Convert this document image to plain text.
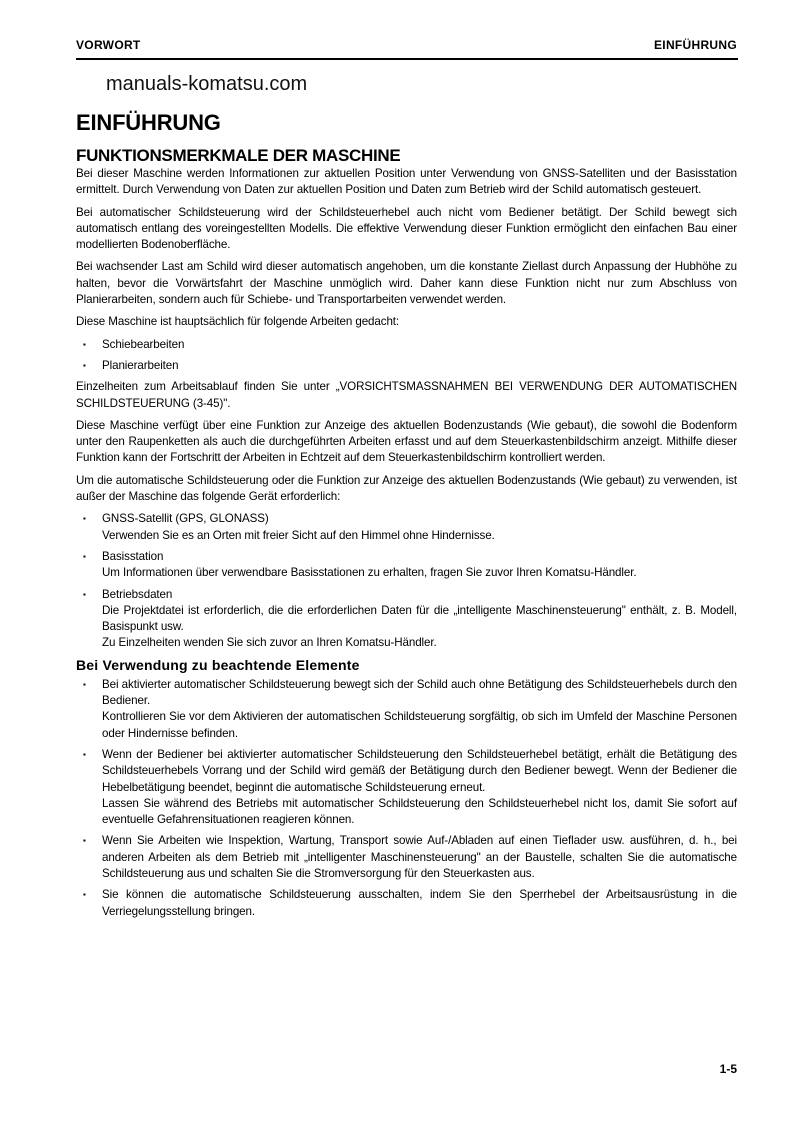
VORWORT	EINFÜHRUNG
manuals-komatsu.com
EINFÜHRUNG
FUNKTIONSMERKMALE DER MASCHINE

Bei dieser Maschine werden Informationen zur aktuellen Position unter Verwendung von GNSS-Satelliten und der Basisstation ermittelt. Durch Verwendung von Daten zur aktuellen Position und Daten zum Betrieb wird der Schild automatisch gesteuert.

Bei automatischer Schildsteuerung wird der Schildsteuerhebel auch nicht vom Bediener betätigt. Der Schild bewegt sich automatisch entlang des voreingestellten Modells. Die effektive Verwendung dieser Funktion ermöglicht den einfachen Bau einer modellierten Bodenoberfläche.

Bei wachsender Last am Schild wird dieser automatisch angehoben, um die konstante Ziellast durch Anpassung der Hubhöhe zu halten, bevor die Vorwärtsfahrt der Maschine unmöglich wird. Daher kann diese Funktion nicht nur zum Abschluss von Planierarbeiten, sondern auch für Schiebe- und Transportarbeiten verwendet werden.

Diese Maschine ist hauptsächlich für folgende Arbeiten gedacht:

▪ Schiebearbeiten
▪ Planierarbeiten

Einzelheiten zum Arbeitsablauf finden Sie unter „VORSICHTSMASSNAHMEN BEI VERWENDUNG DER AUTOMATISCHEN SCHILDSTEUERUNG (3-45)".

Diese Maschine verfügt über eine Funktion zur Anzeige des aktuellen Bodenzustands (Wie gebaut), die sowohl die Bodenform unter den Raupenketten als auch die durchgeführten Arbeiten erfasst und auf dem Steuerkastenbildschirm anzeigt. Mithilfe dieser Funktion kann der Fortschritt der Arbeiten in Echtzeit auf dem Steuerkastenbildschirm kontrolliert werden.

Um die automatische Schildsteuerung oder die Funktion zur Anzeige des aktuellen Bodenzustands (Wie gebaut) zu verwenden, ist außer der Maschine das folgende Gerät erforderlich:

▪ GNSS-Satellit (GPS, GLONASS)
Verwenden Sie es an Orten mit freier Sicht auf den Himmel ohne Hindernisse.
▪ Basisstation
Um Informationen über verwendbare Basisstationen zu erhalten, fragen Sie zuvor Ihren Komatsu-Händler.
▪ Betriebsdaten
Die Projektdatei ist erforderlich, die die erforderlichen Daten für die „intelligente Maschinensteuerung" enthält, z. B. Modell, Basispunkt usw.
Zu Einzelheiten wenden Sie sich zuvor an Ihren Komatsu-Händler.
Bei Verwendung zu beachtende Elemente
▪ Bei aktivierter automatischer Schildsteuerung bewegt sich der Schild auch ohne Betätigung des Schildsteuerhebels durch den Bediener.
Kontrollieren Sie vor dem Aktivieren der automatischen Schildsteuerung sorgfältig, ob sich im Umfeld der Maschine Personen oder Hindernisse befinden.
▪ Wenn der Bediener bei aktivierter automatischer Schildsteuerung den Schildsteuerhebel betätigt, erhält die Betätigung des Schildsteuerhebels Vorrang und der Schild wird gemäß der Betätigung durch den Bediener bewegt. Wenn der Bediener die Hebelbetätigung beendet, beginnt die automatische Schildsteuerung erneut.
Lassen Sie während des Betriebs mit automatischer Schildsteuerung den Schildsteuerhebel nicht los, damit Sie sofort auf eventuelle Gefahrensituationen reagieren können.
▪ Wenn Sie Arbeiten wie Inspektion, Wartung, Transport sowie Auf-/Abladen auf einen Tieflader usw. ausführen, d. h., bei anderen Arbeiten als dem Betrieb mit „intelligenter Maschinensteuerung" an der Baustelle, schalten Sie die automatische Schildsteuerung aus und schalten Sie die Stromversorgung für den Steuerkasten aus.
▪ Sie können die automatische Schildsteuerung ausschalten, indem Sie den Sperrhebel der Arbeitsausrüstung in die Verriegelungsstellung bringen.
1-5
